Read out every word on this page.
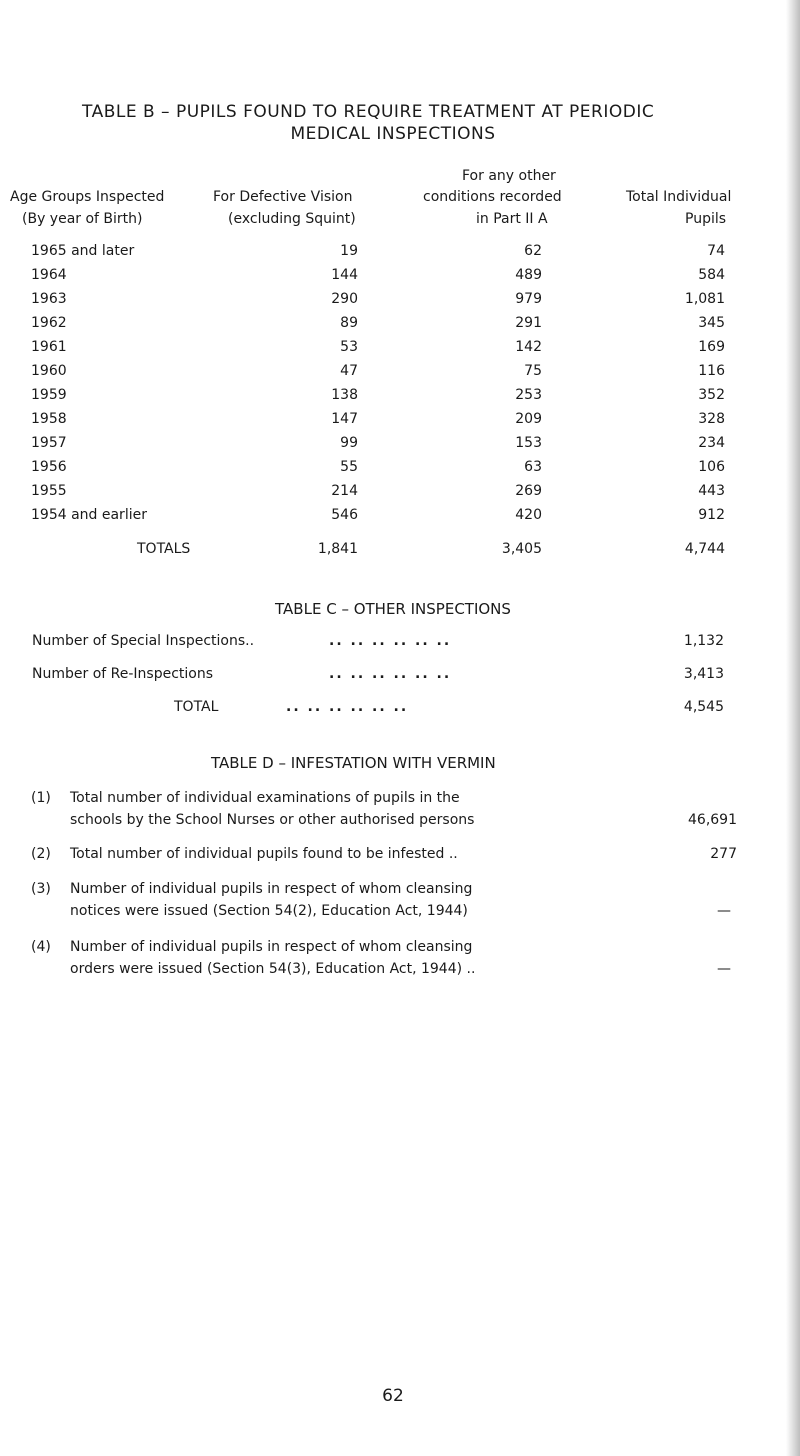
TABLE B – PUPILS FOUND TO REQUIRE TREATMENT AT PERIODIC
MEDICAL INSPECTIONS
For any other
Age Groups Inspected	For Defective Vision	conditions recorded	Total Individual
(By year of Birth)	(excluding Squint)	in Part II A	Pupils
1965 and later	19	62	74
1964	144	489	584
1963	290	979	1,081
1962	89	291	345
1961	53	142	169
1960	47	75	116
1959	138	253	352
1958	147	209	328
1957	99	153	234
1956	55	63	106
1955	214	269	443
1954 and earlier	546	420	912
TOTALS	1,841	3,405	4,744
TABLE C – OTHER INSPECTIONS
Number of Special Inspections..	.. .. .. .. .. ..	1,132
Number of Re-Inspections	.. .. .. .. .. ..	3,413
TOTAL	.. .. .. .. .. ..	4,545
TABLE D – INFESTATION WITH VERMIN
(1) Total number of individual examinations of pupils in the
schools by the School Nurses or other authorised persons	46,691
(2) Total number of individual pupils found to be infested ..	277
(3) Number of individual pupils in respect of whom cleansing
notices were issued (Section 54(2), Education Act, 1944)	—
(4) Number of individual pupils in respect of whom cleansing
orders were issued (Section 54(3), Education Act, 1944) ..	—
62
